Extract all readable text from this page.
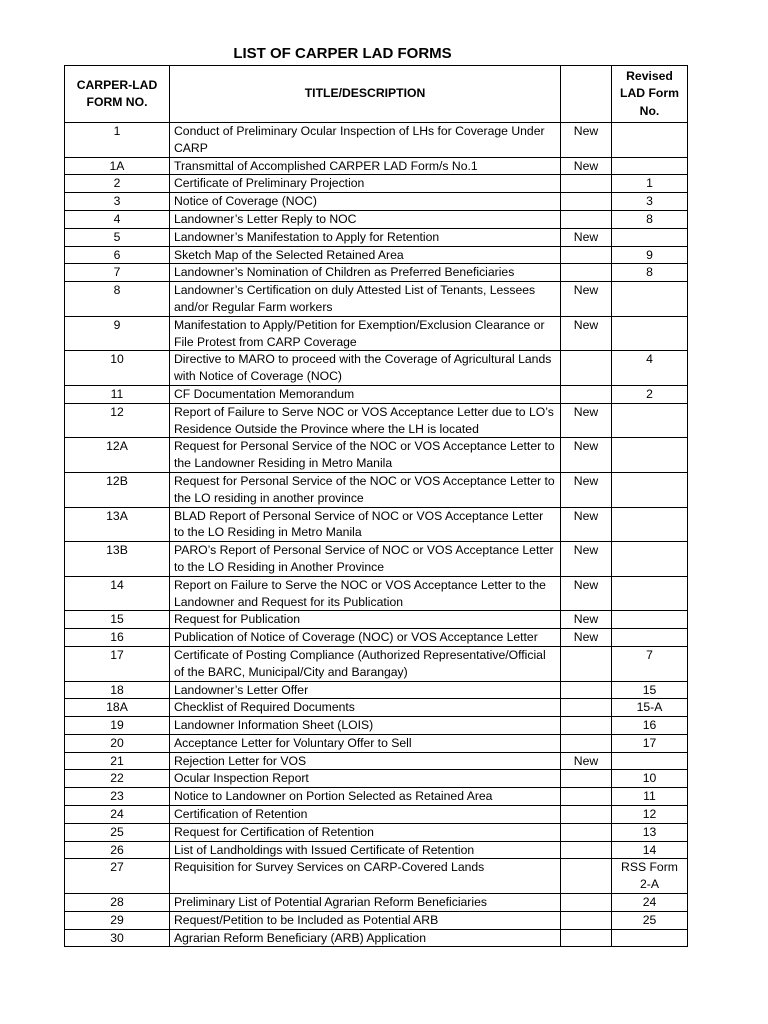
LIST OF CARPER LAD FORMS
CARPER-LAD FORM NO.	TITLE/DESCRIPTION		Revised LAD Form No.
1	Conduct of Preliminary Ocular Inspection of LHs for Coverage Under CARP	New	
1A	Transmittal of Accomplished CARPER LAD Form/s No.1	New	
2	Certificate of Preliminary Projection		1
3	Notice of Coverage (NOC)		3
4	Landowner’s Letter Reply to NOC		8
5	Landowner’s Manifestation to Apply for Retention	New	
6	Sketch Map of the Selected Retained Area		9
7	Landowner’s Nomination of Children as Preferred Beneficiaries		8
8	Landowner’s Certification on duly Attested List of Tenants, Lessees and/or Regular Farm workers	New	
9	Manifestation to Apply/Petition for Exemption/Exclusion Clearance or File Protest from CARP Coverage	New	
10	Directive to MARO to proceed with the Coverage of Agricultural Lands with Notice of Coverage (NOC)		4
11	CF Documentation Memorandum		2
12	Report of Failure to Serve NOC or VOS Acceptance Letter due to LO’s Residence Outside the Province where the LH is located	New	
12A	Request for Personal Service of the NOC or VOS Acceptance Letter to the Landowner Residing in Metro Manila	New	
12B	Request for Personal Service of the NOC or VOS Acceptance Letter to the LO residing in another province	New	
13A	BLAD Report of Personal Service of NOC or VOS Acceptance Letter to the LO Residing in Metro Manila	New	
13B	PARO’s Report of Personal Service of NOC or VOS Acceptance Letter to the LO Residing in Another Province	New	
14	Report on Failure to Serve the NOC or VOS Acceptance Letter to the Landowner and Request for its Publication	New	
15	Request for Publication	New	
16	Publication of Notice of Coverage (NOC) or VOS Acceptance Letter	New	
17	Certificate of Posting Compliance (Authorized Representative/Official of the BARC, Municipal/City and Barangay)		7
18	Landowner’s Letter Offer		15
18A	Checklist of Required Documents		15-A
19	Landowner Information Sheet (LOIS)		16
20	Acceptance Letter for Voluntary Offer to Sell		17
21	Rejection Letter for VOS	New	
22	Ocular Inspection Report		10
23	Notice to Landowner on Portion Selected as Retained Area		11
24	Certification of Retention		12
25	Request for Certification of Retention		13
26	List of Landholdings with Issued Certificate of Retention		14
27	Requisition for Survey Services on CARP-Covered Lands		RSS Form 2-A
28	Preliminary List of Potential Agrarian Reform Beneficiaries		24
29	Request/Petition to be Included as Potential ARB		25
30	Agrarian Reform Beneficiary (ARB) Application		
